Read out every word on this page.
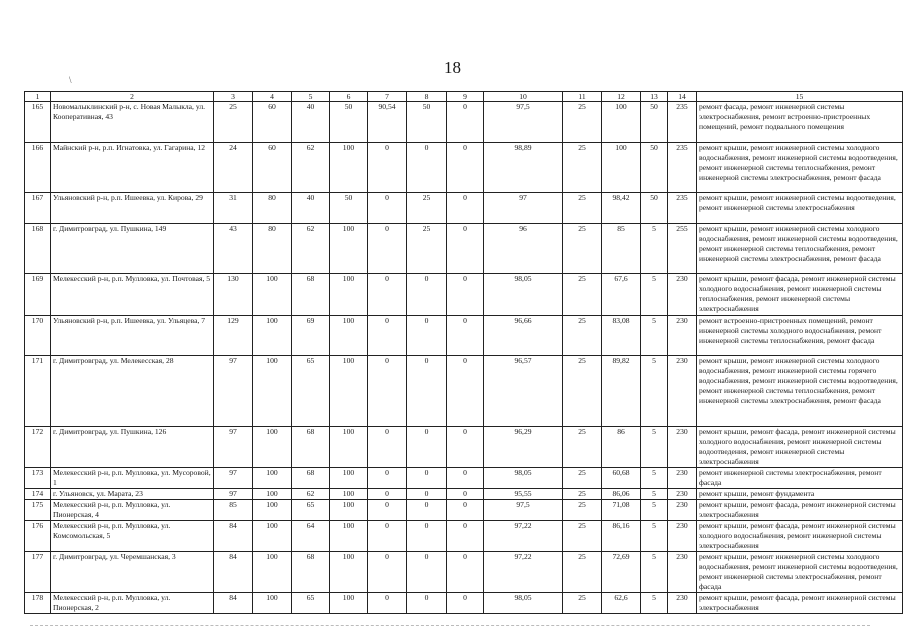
18
\
1	2	3	4	5	6	7	8	9	10	11	12	13	14	15
165	Новомалыклинский р-н, с. Новая Малыкла, ул. Кооперативная, 43	25	60	40	50	90,54	50	0	97,5	25	100	50	235	ремонт фасада, ремонт инженерной системы электроснабжения, ремонт встроенно-пристроенных помещений, ремонт подвального помещения
166	Майнский р-н, р.п. Игнатовка, ул. Гагарина, 12	24	60	62	100	0	0	0	98,89	25	100	50	235	ремонт крыши, ремонт инженерной системы холодного водоснабжения, ремонт инженерной системы водоотведения, ремонт инженерной системы теплоснабжения, ремонт инженерной системы электроснабжения, ремонт фасада
167	Ульяновский р-н, р.п. Ишеевка, ул. Кирова, 29	31	80	40	50	0	25	0	97	25	98,42	50	235	ремонт крыши, ремонт инженерной системы водоотведения, ремонт инженерной системы электроснабжения
168	г. Димитровград, ул. Пушкина, 149	43	80	62	100	0	25	0	96	25	85	5	255	ремонт крыши, ремонт инженерной системы холодного водоснабжения, ремонт инженерной системы водоотведения, ремонт инженерной системы теплоснабжения, ремонт инженерной системы электроснабжения, ремонт фасада
169	Мелекесский р-н, р.п. Мулловка, ул. Почтовая, 5	130	100	68	100	0	0	0	98,05	25	67,6	5	230	ремонт крыши, ремонт фасада, ремонт инженерной системы холодного водоснабжения, ремонт инженерной системы теплоснабжения, ремонт инженерной системы электроснабжения
170	Ульяновский р-н, р.п. Ишеевка, ул. Ульяцева, 7	129	100	69	100	0	0	0	96,66	25	83,08	5	230	ремонт встроенно-пристроенных помещений, ремонт инженерной системы холодного водоснабжения, ремонт инженерной системы теплоснабжения, ремонт фасада
171	г. Димитровград, ул. Мелекесская, 28	97	100	65	100	0	0	0	96,57	25	89,82	5	230	ремонт крыши, ремонт инженерной системы холодного водоснабжения, ремонт инженерной системы горячего водоснабжения, ремонт инженерной системы водоотведения, ремонт инженерной системы теплоснабжения, ремонт инженерной системы электроснабжения, ремонт фасада
172	г. Димитровград, ул. Пушкина, 126	97	100	68	100	0	0	0	96,29	25	86	5	230	ремонт крыши, ремонт фасада, ремонт инженерной системы холодного водоснабжения, ремонт инженерной системы водоотведения, ремонт инженерной системы электроснабжения
173	Мелекесский р-н, р.п. Мулловка, ул. Мусоровой, 1	97	100	68	100	0	0	0	98,05	25	60,68	5	230	ремонт инженерной системы электроснабжения, ремонт фасада
174	г. Ульяновск, ул. Марата, 23	97	100	62	100	0	0	0	95,55	25	86,06	5	230	ремонт крыши, ремонт фундамента
175	Мелекесский р-н, р.п. Мулловка, ул. Пионерская, 4	85	100	65	100	0	0	0	97,5	25	71,08	5	230	ремонт крыши, ремонт фасада, ремонт инженерной системы электроснабжения
176	Мелекесский р-н, р.п. Мулловка, ул. Комсомольская, 5	84	100	64	100	0	0	0	97,22	25	86,16	5	230	ремонт крыши, ремонт фасада, ремонт инженерной системы холодного водоснабжения, ремонт инженерной системы электроснабжения
177	г. Димитровград, ул. Черемшанская, 3	84	100	68	100	0	0	0	97,22	25	72,69	5	230	ремонт крыши, ремонт инженерной системы холодного водоснабжения, ремонт инженерной системы водоотведения, ремонт инженерной системы электроснабжения, ремонт фасада
178	Мелекесский р-н, р.п. Мулловка, ул. Пионерская, 2	84	100	65	100	0	0	0	98,05	25	62,6	5	230	ремонт крыши, ремонт фасада, ремонт инженерной системы электроснабжения
